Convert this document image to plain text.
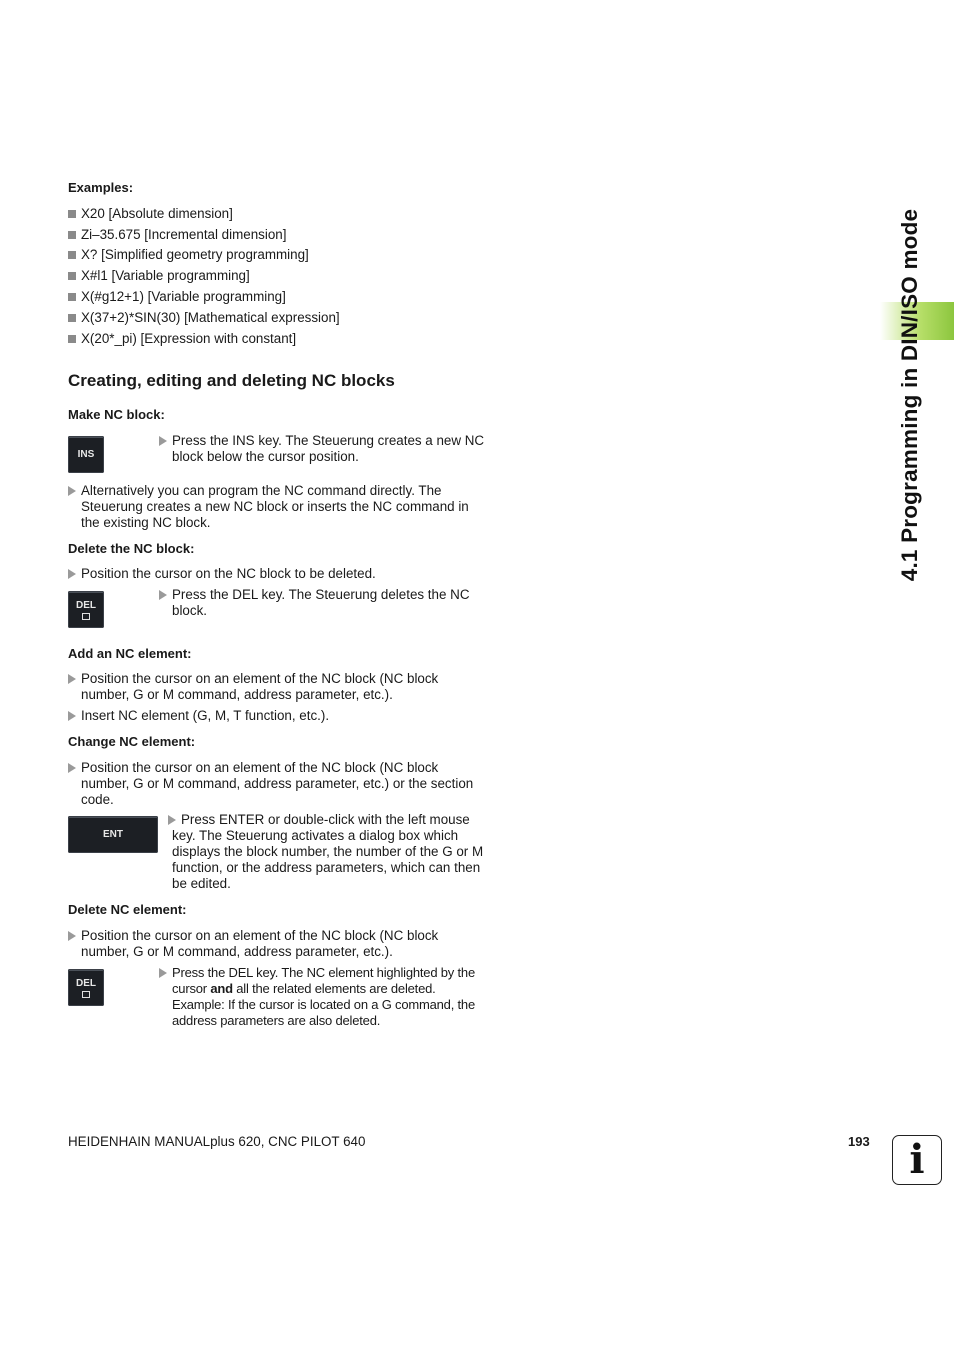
4.1 Programming in DIN/ISO mode
Examples:
X20 [Absolute dimension]
Zi–35.675 [Incremental dimension]
X? [Simplified geometry programming]
X#l1 [Variable programming]
X(#g12+1) [Variable programming]
X(37+2)*SIN(30) [Mathematical expression]
X(20*_pi) [Expression with constant]
Creating, editing and deleting NC blocks
Make NC block:
INS
Press the INS key. The Steuerung creates a new NC
block below the cursor position.
Alternatively you can program the NC command directly. The
Steuerung creates a new NC block or inserts the NC command in
the existing NC block.
Delete the NC block:
Position the cursor on the NC block to be deleted.
DEL
Press the DEL key. The Steuerung deletes the NC
block.
Add an NC element:
Position the cursor on an element of the NC block (NC block
number, G or M command, address parameter, etc.).
Insert NC element (G, M, T function, etc.).
Change NC element:
Position the cursor on an element of the NC block (NC block
number, G or M command, address parameter, etc.) or the section
code.
ENT
Press ENTER or double-click with the left mouse
key. The Steuerung activates a dialog box which
displays the block number, the number of the G or M
function, or the address parameters, which can then
be edited.
Delete NC element:
Position the cursor on an element of the NC block (NC block
number, G or M command, address parameter, etc.).
DEL
Press the DEL key. The NC element highlighted by the
cursor and all the related elements are deleted.
Example: If the cursor is located on a G command, the
address parameters are also deleted.
HEIDENHAIN MANUALplus 620, CNC PILOT 640	193 i
